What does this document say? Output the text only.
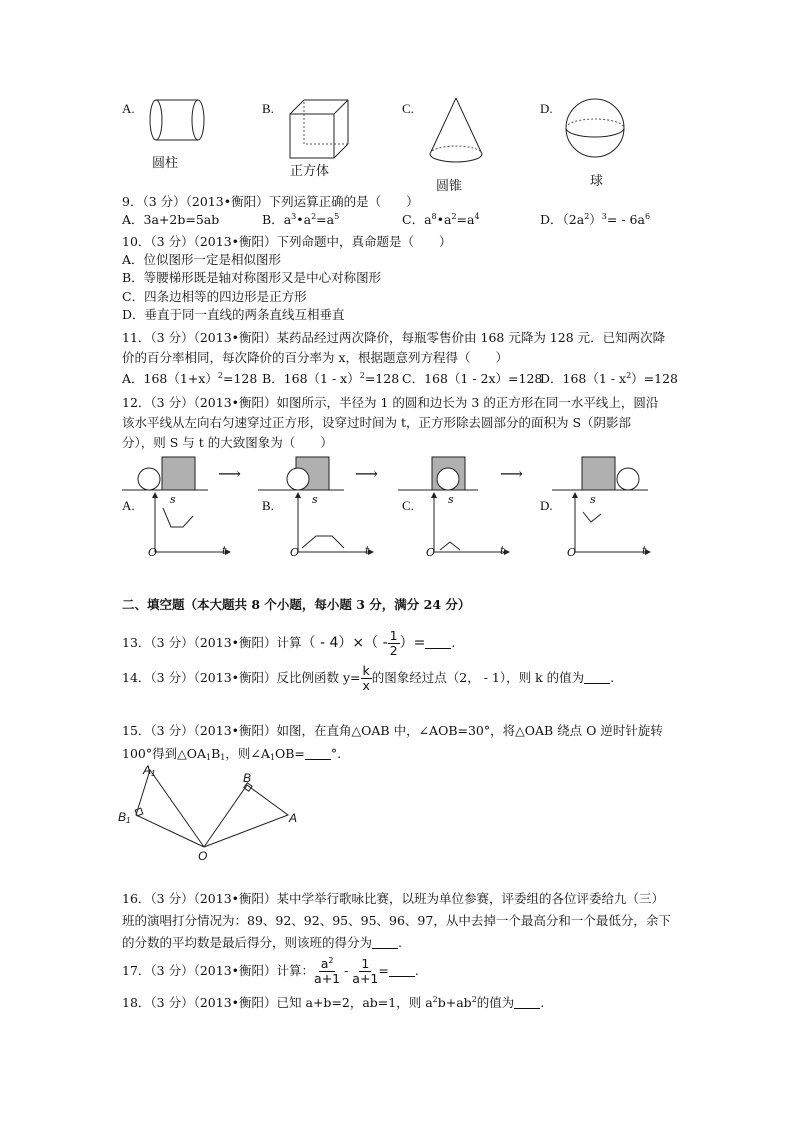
A.
圆柱
B.
正方体
C.
圆锥
D.
球
9．（3 分）（2013•衡阳）下列运算正确的是（　　）
A．3a+2b=5ab	B．$a^3•a^2=a^5$	C．$a^8•a^2=a^4$	D．$(2a^2)^3= - 6a^6$
10．（3 分）（2013•衡阳）下列命题中，真命题是（　　）
A．位似图形一定是相似图形
B．等腰梯形既是轴对称图形又是中心对称图形
C．四条边相等的四边形是正方形
D．垂直于同一直线的两条直线互相垂直
11．（3 分）（2013•衡阳）某药品经过两次降价，每瓶零售价由 168 元降为 128 元．已知两次降
价的百分率相同，每次降价的百分率为 x，根据题意列方程得（　　）
A．$168(1+x)^2=128$ B．168（1 - x）$^2$=128 C．168（1 - 2x）=128
D．$168(1 - x^2)=128$
12．（3 分）（2013•衡阳）如图所示，半径为 1 的圆和边长为 3 的正方形在同一水平线上，圆沿
该水平线从左向右匀速穿过正方形，设穿过时间为 t，正方形除去圆部分的面积为 S（阴影部
分），则 S 与 t 的大致图象为（　　）
⟶	⟶	⟶
A.	s
t
O
B.	s
t
O
C.	s
t
O
D.	s
t
O
二、填空题（本大题共 8 个小题，每小题 3 分，满分 24 分）
13．（3 分）（2013•衡阳）计算（ - $4)\times( - \frac{1}{2}$ ）= .
14．（3 分）（2013•衡阳）反比例函数 $y= \frac{k}{x}$ 的图象经过点（2， - 1），则 k 的值为 .
15．（3 分）（2013•衡阳）如图，在直角△OAB 中，∠AOB=30°，将△OAB 绕点 O 逆时针旋转
100°得到$\triangle OA_1B_1$，则$\angle A_1OB=$ °.
$A_1$
$B_1$
B
A
O
16．（3 分）（2013•衡阳）某中学举行歌咏比赛，以班为单位参赛，评委组的各位评委给九（三）
班的演唱打分情况为：89、92、92、95、95、96、97，从中去掉一个最高分和一个最低分，余下
的分数的平均数是最后得分，则该班的得分为 .
17．（3 分）（2013•衡阳）计算： $\frac{a^2}{a+1} - \frac{1}{a+1}$ = .
18．（3 分）（2013•衡阳）已知 a+b=2，ab=1，则 $a^2b+ab^2$的值为 .
